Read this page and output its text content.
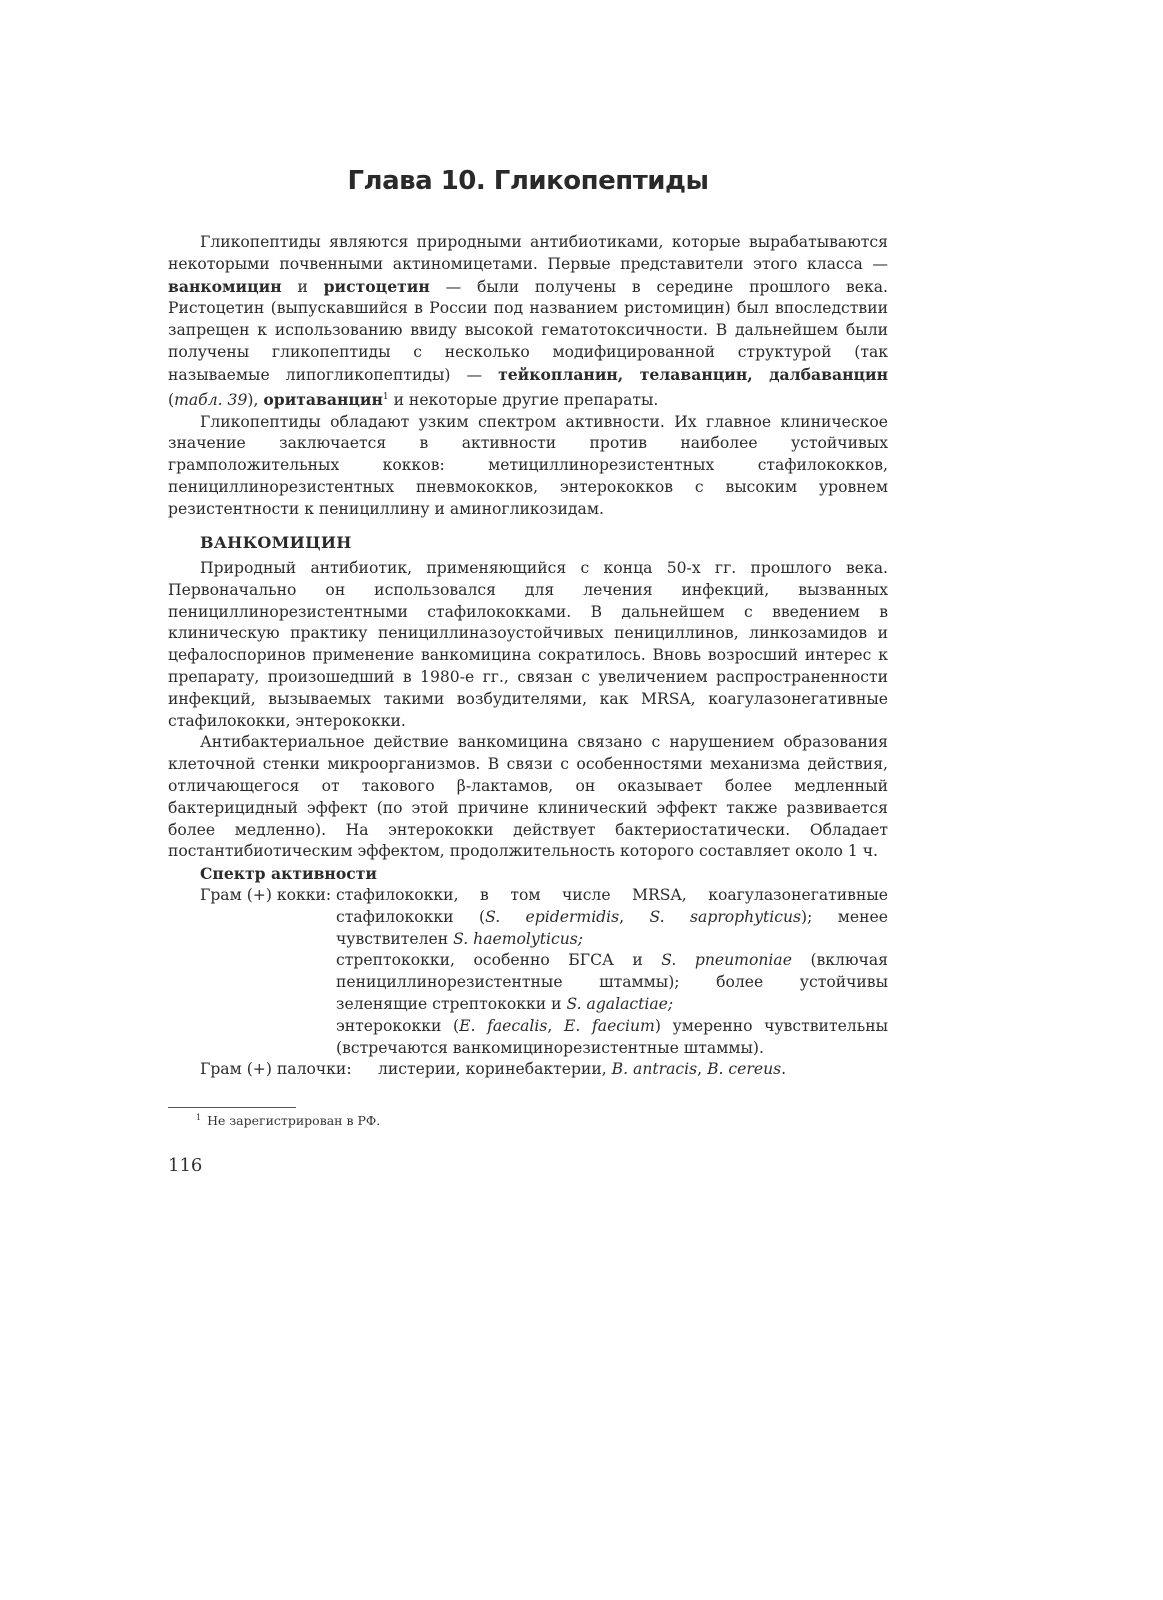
Глава 10. Гликопептиды

Гликопептиды являются природными антибиотиками, которые вырабатываются некоторыми почвенными актиномицетами. Первые представители этого класса — ванкомицин и ристоцетин — были получены в середине прошлого века. Ристоцетин (выпускавшийся в России под названием ристомицин) был впоследствии запрещен к использованию ввиду высокой гематотоксичности. В дальнейшем были получены гликопептиды с несколько модифицированной структурой (так называемые липогликопептиды) — тейкопланин, телаванцин, далбаванцин (табл. 39), оритаванцин$^1$ и некоторые другие препараты.

Гликопептиды обладают узким спектром активности. Их главное клиническое значение заключается в активности против наиболее устойчивых грамположительных кокков: метициллинорезистентных стафилококков, пенициллинорезистентных пневмококков, энтерококков с высоким уровнем резистентности к пенициллину и аминогликозидам.

ВАНКОМИЦИН

Природный антибиотик, применяющийся с конца 50-х гг. прошлого века. Первоначально он использовался для лечения инфекций, вызванных пенициллинорезистентными стафилококками. В дальнейшем с введением в клиническую практику пенициллиназоустойчивых пенициллинов, линкозамидов и цефалоспоринов применение ванкомицина сократилось. Вновь возросший интерес к препарату, произошедший в 1980-е гг., связан с увеличением распространенности инфекций, вызываемых такими возбудителями, как MRSA, коагулазонегативные стафилококки, энтерококки.

Антибактериальное действие ванкомицина связано с нарушением образования клеточной стенки микроорганизмов. В связи с особенностями механизма действия, отличающегося от такового β-лактамов, он оказывает более медленный бактерицидный эффект (по этой причине клинический эффект также развивается более медленно). На энтерококки действует бактериостатически. Обладает постантибиотическим эффектом, продолжительность которого составляет около 1 ч.

Спектр активности
Грам (+) кокки: стафилококки, в том числе MRSA, коагулазонегативные стафилококки (S. epidermidis, S. saprophyticus); менее чувствителен S. haemolyticus;
стрептококки, особенно БГСА и S. pneumoniae (включая пенициллинорезистентные штаммы); более устойчивы зеленящие стрептококки и S. agalactiae;
энтерококки (E. faecalis, E. faecium) умеренно чувствительны (встречаются ванкомицинорезистентные штаммы).
Грам (+) палочки:	листерии, коринебактерии, B. antracis, B. cereus.
$^1$ Не зарегистрирован в РФ.
116
